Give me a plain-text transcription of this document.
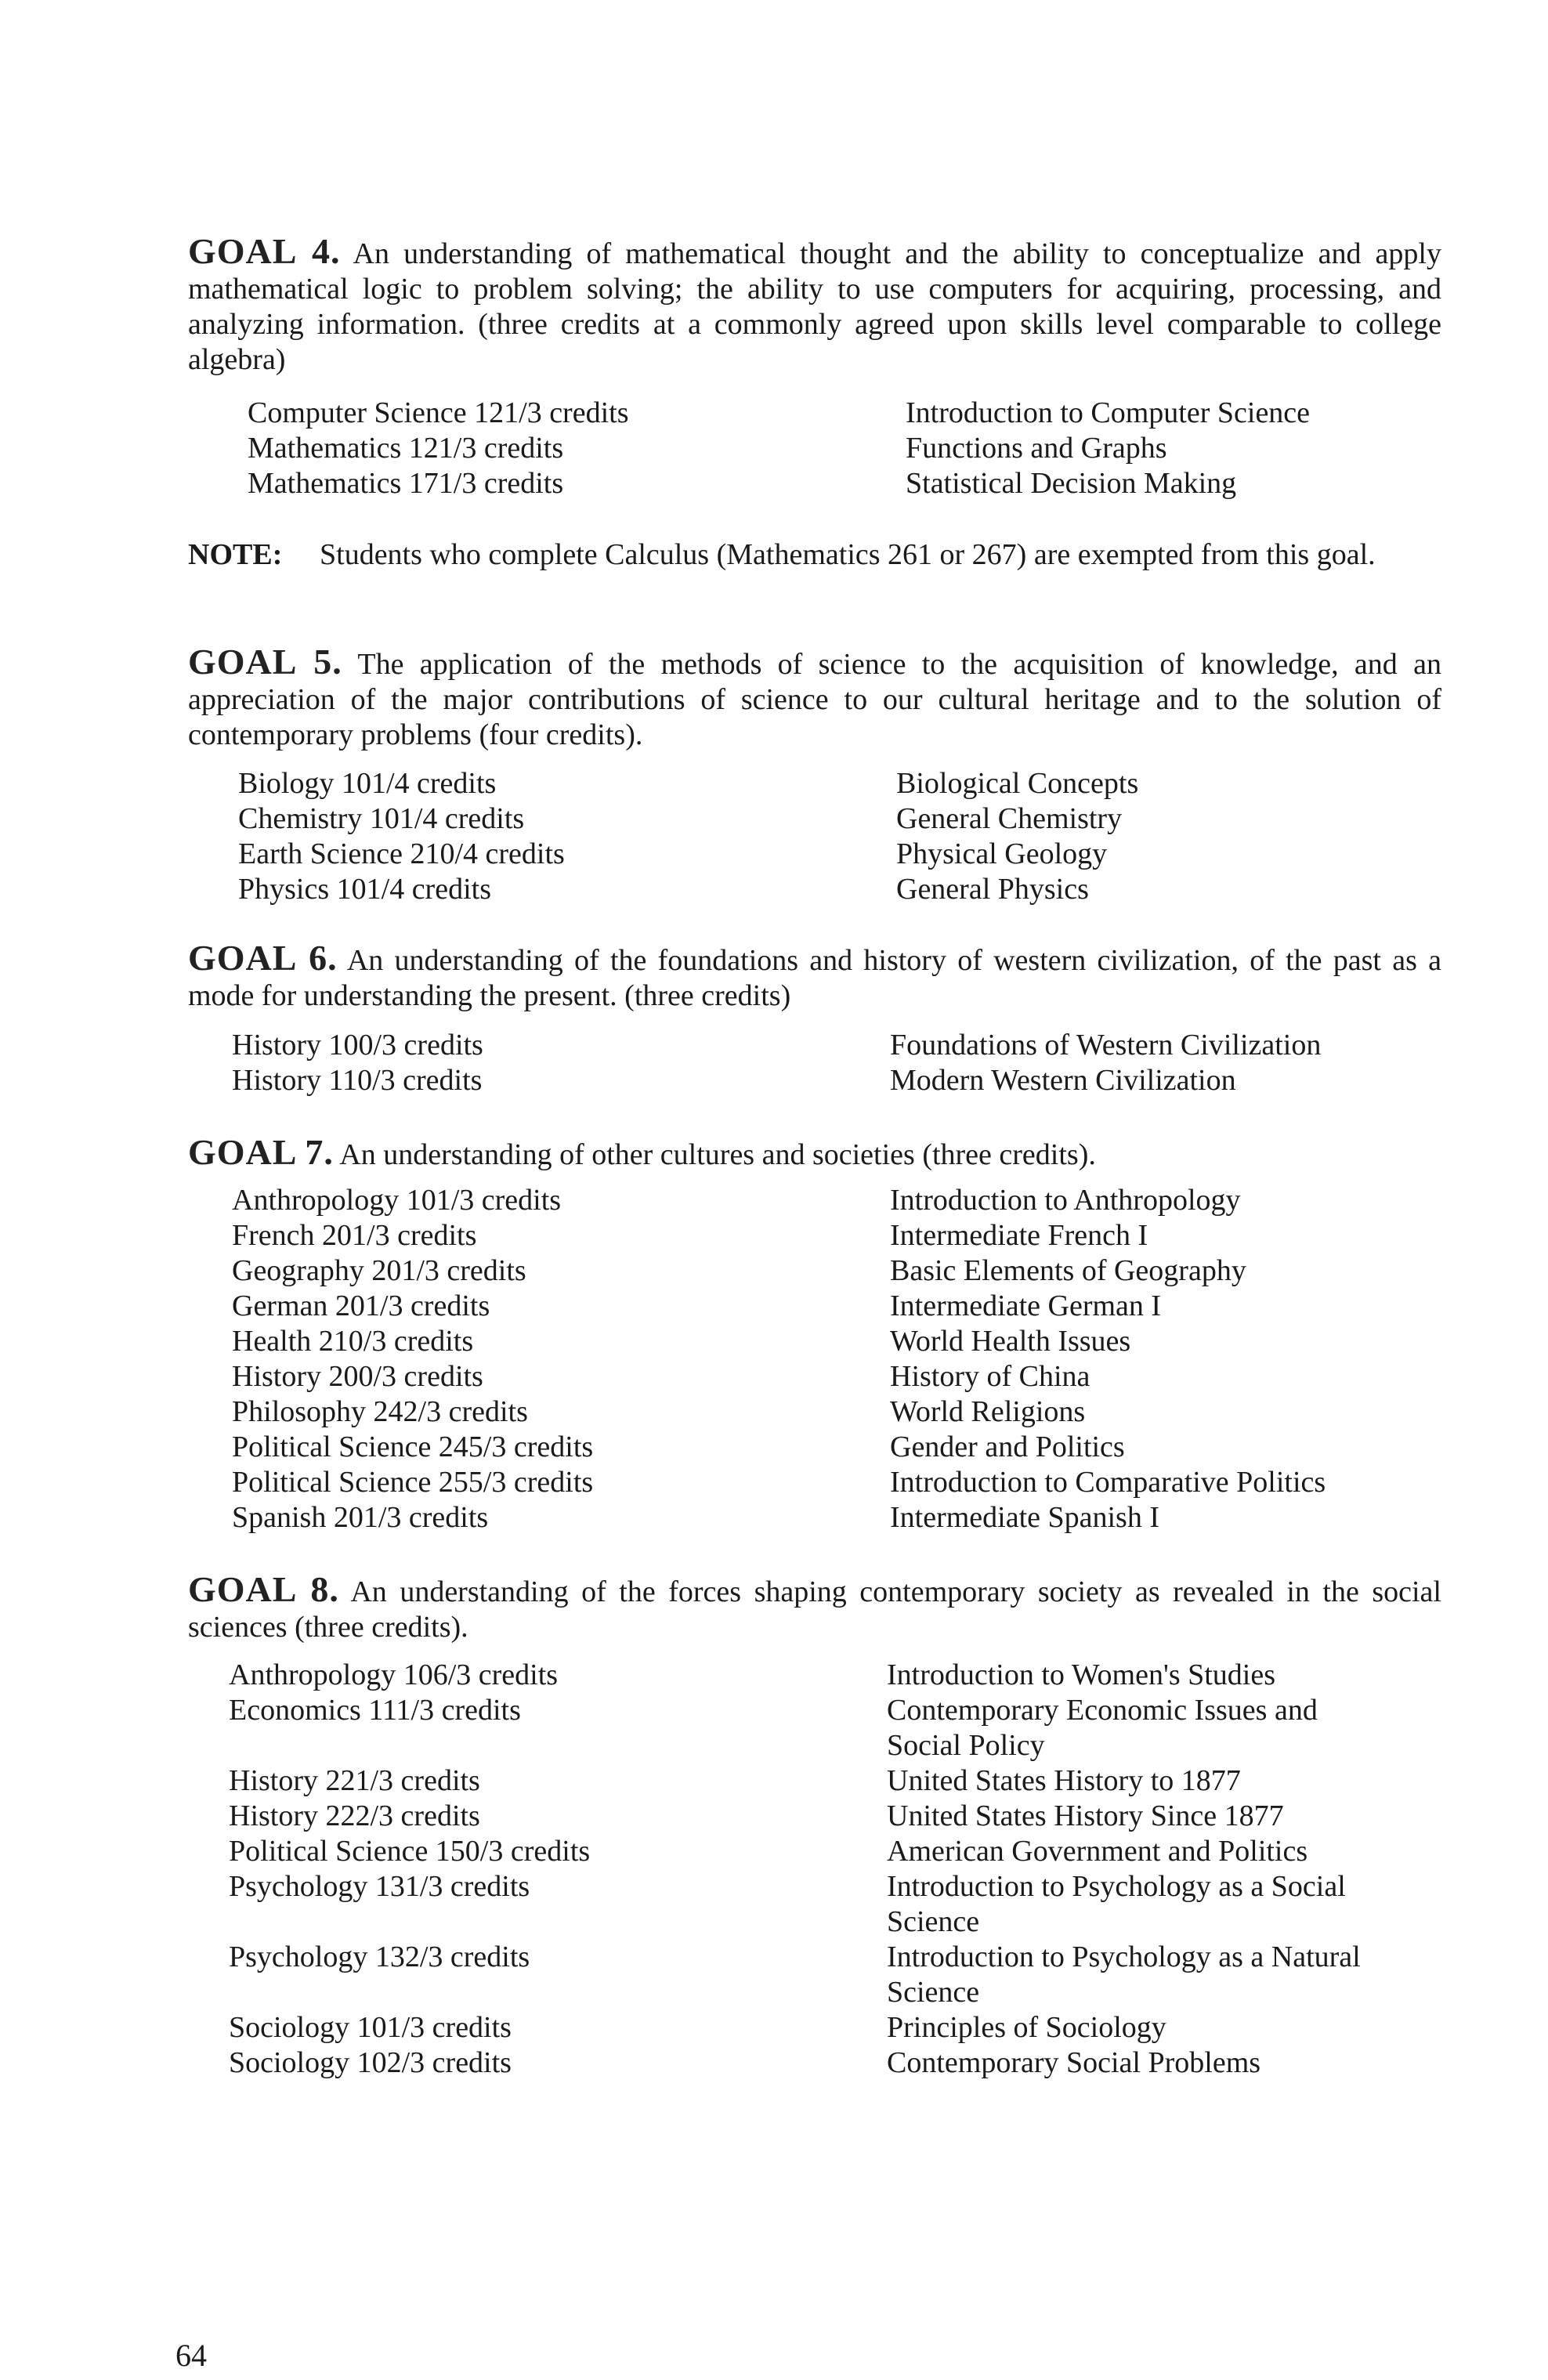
GOAL 4. An understanding of mathematical thought and the ability to conceptualize and apply mathematical logic to problem solving; the ability to use computers for acquiring, processing, and analyzing information. (three credits at a commonly agreed upon skills level comparable to college algebra)
Computer Science 121/3 credits	Introduction to Computer Science
Mathematics 121/3 credits	Functions and Graphs
Mathematics 171/3 credits	Statistical Decision Making
NOTE:	Students who complete Calculus (Mathematics 261 or 267) are exempted from this goal.
GOAL 5. The application of the methods of science to the acquisition of knowledge, and an appreciation of the major contributions of science to our cultural heritage and to the solution of contemporary problems (four credits).
Biology 101/4 credits	Biological Concepts
Chemistry 101/4 credits	General Chemistry
Earth Science 210/4 credits	Physical Geology
Physics 101/4 credits	General Physics
GOAL 6. An understanding of the foundations and history of western civilization, of the past as a mode for understanding the present. (three credits)
History 100/3 credits	Foundations of Western Civilization
History 110/3 credits	Modern Western Civilization
GOAL 7. An understanding of other cultures and societies (three credits).
Anthropology 101/3 credits	Introduction to Anthropology
French 201/3 credits	Intermediate French I
Geography 201/3 credits	Basic Elements of Geography
German 201/3 credits	Intermediate German I
Health 210/3 credits	World Health Issues
History 200/3 credits	History of China
Philosophy 242/3 credits	World Religions
Political Science 245/3 credits	Gender and Politics
Political Science 255/3 credits	Introduction to Comparative Politics
Spanish 201/3 credits	Intermediate Spanish I
GOAL 8. An understanding of the forces shaping contemporary society as revealed in the social sciences (three credits).
Anthropology 106/3 credits	Introduction to Women's Studies
Economics 111/3 credits	Contemporary Economic Issues and Social Policy
History 221/3 credits	United States History to 1877
History 222/3 credits	United States History Since 1877
Political Science 150/3 credits	American Government and Politics
Psychology 131/3 credits	Introduction to Psychology as a Social Science
Psychology 132/3 credits	Introduction to Psychology as a Natural Science
Sociology 101/3 credits	Principles of Sociology
Sociology 102/3 credits	Contemporary Social Problems
64
